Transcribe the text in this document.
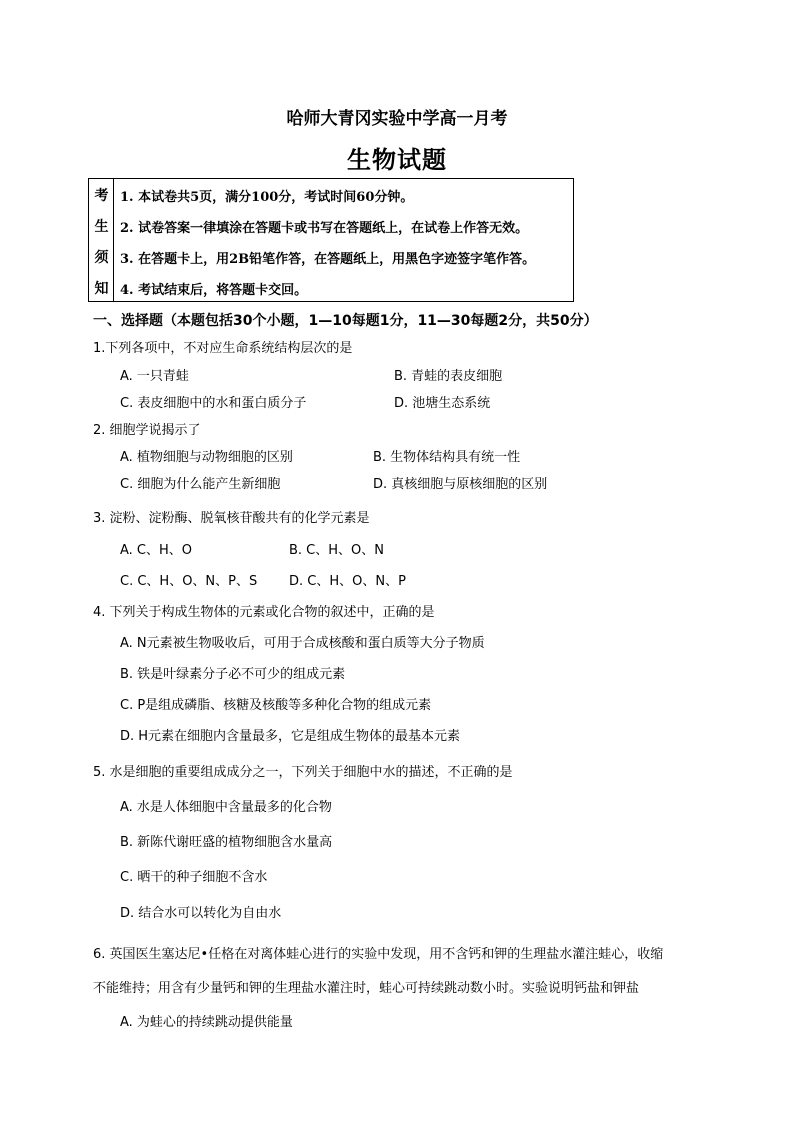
哈师大青冈实验中学高一月考
生物试题
考
生
须
知
1. 本试卷共5页，满分100分，考试时间60分钟。
2. 试卷答案一律填涂在答题卡或书写在答题纸上，在试卷上作答无效。
3. 在答题卡上，用2B铅笔作答，在答题纸上，用黑色字迹签字笔作答。
4. 考试结束后，将答题卡交回。
一、选择题（本题包括30个小题，1—10每题1分，11—30每题2分，共50分）
1.下列各项中，不对应生命系统结构层次的是
A. 一只青蛙	B. 青蛙的表皮细胞
C. 表皮细胞中的水和蛋白质分子	D. 池塘生态系统
2. 细胞学说揭示了
A. 植物细胞与动物细胞的区别	B. 生物体结构具有统一性
C. 细胞为什么能产生新细胞	D. 真核细胞与原核细胞的区别
3. 淀粉、淀粉酶、脱氧核苷酸共有的化学元素是
A. C、H、O	B. C、H、O、N
C. C、H、O、N、P、S D. C、H、O、N、P
4. 下列关于构成生物体的元素或化合物的叙述中，正确的是
A. N元素被生物吸收后，可用于合成核酸和蛋白质等大分子物质
B. 铁是叶绿素分子必不可少的组成元素
C. P是组成磷脂、核糖及核酸等多种化合物的组成元素
D. H元素在细胞内含量最多，它是组成生物体的最基本元素
5. 水是细胞的重要组成成分之一，下列关于细胞中水的描述，不正确的是
A. 水是人体细胞中含量最多的化合物
B. 新陈代谢旺盛的植物细胞含水量高
C. 晒干的种子细胞不含水
D. 结合水可以转化为自由水
6. 英国医生塞达尼•任格在对离体蛙心进行的实验中发现，用不含钙和钾的生理盐水灌注蛙心，收缩
不能维持；用含有少量钙和钾的生理盐水灌注时，蛙心可持续跳动数小时。实验说明钙盐和钾盐
A. 为蛙心的持续跳动提供能量
